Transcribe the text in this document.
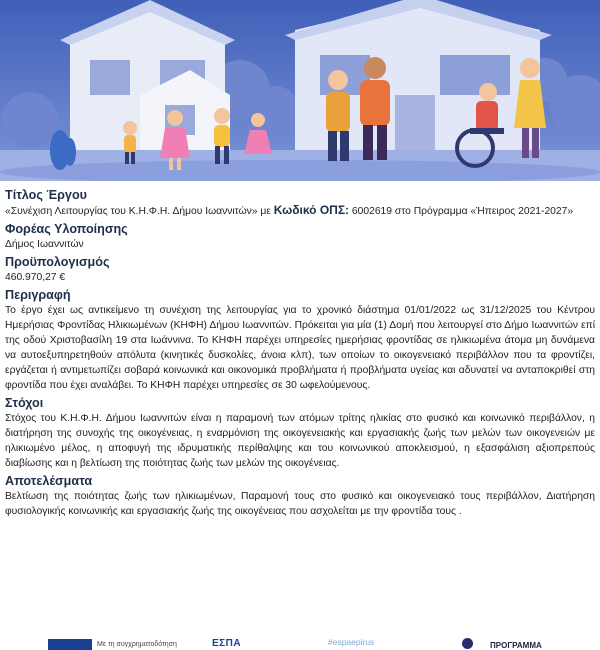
Τίτλος Έργου
«Συνέχιση Λειτουργίας του Κ.Η.Φ.Η. Δήμου Ιωαννιτών» με Κωδικό ΟΠΣ: 6002619 στο Πρόγραμμα «Ήπειρος 2021-2027»
Φορέας Υλοποίησης
Δήμος Ιωαννιτών
Προϋπολογισμός
460.970,27 €
Περιγραφή
Το έργο έχει ως αντικείμενο τη συνέχιση της λειτουργίας για το χρονικό διάστημα 01/01/2022 ως 31/12/2025 του Κέντρου Ημερήσιας Φροντίδας Ηλικιωμένων (ΚΗΦΗ) Δήμου Ιωαννιτών. Πρόκειται για μία (1) Δομή που λειτουργεί στο Δήμο Ιωαννιτών επί της οδού Χριστοβασίλη 19 στα Ιωάννινα. Το ΚΗΦΗ παρέχει υπηρεσίες ημερήσιας φροντίδας σε ηλικιωμένα άτομα μη δυνάμενα να αυτοεξυπηρετηθούν απόλυτα (κινητικές δυσκολίες, άνοια κλπ), των οποίων το οικογενειακό περιβάλλον που τα φροντίζει, εργάζεται ή αντιμετωπίζει σοβαρά κοινωνικά και οικονομικά προβλήματα ή προβλήματα υγείας και αδυνατεί να ανταποκριθεί στη φροντίδα που έχει αναλάβει. Το ΚΗΦΗ παρέχει υπηρεσίες σε 30 ωφελούμενους.
Στόχοι
Στόχος του Κ.Η.Φ.Η. Δήμου Ιωαννιτών είναι η παραμονή των ατόμων τρίτης ηλικίας στο φυσικό και κοινωνικό περιβάλλον, η διατήρηση της συνοχής της οικογένειας, η εναρμόνιση της οικογενειακής και εργασιακής ζωής των μελών των οικογενειών με ηλικιωμένο μέλος, η αποφυγή της ιδρυματικής περίθαλψης και του κοινωνικού αποκλεισμού, η εξασφάλιση αξιοπρεπούς διαβίωσης και η βελτίωση της ποιότητας ζωής των μελών της οικογένειας.
Αποτελέσματα
Βελτίωση της ποιότητας ζωής των ηλικιωμένων, Παραμονή τους στο φυσικό και οικογενειακό τους περιβάλλον, Διατήρηση φυσιολογικής κοινωνικής και εργασιακής ζωής της οικογένειας που ασχολείται με την φροντίδα τους .
Με τη συγχρηματοδότηση	ΕΣΠΑ	#espaepirus	ΠΡΟΓΡΑΜΜΑ
